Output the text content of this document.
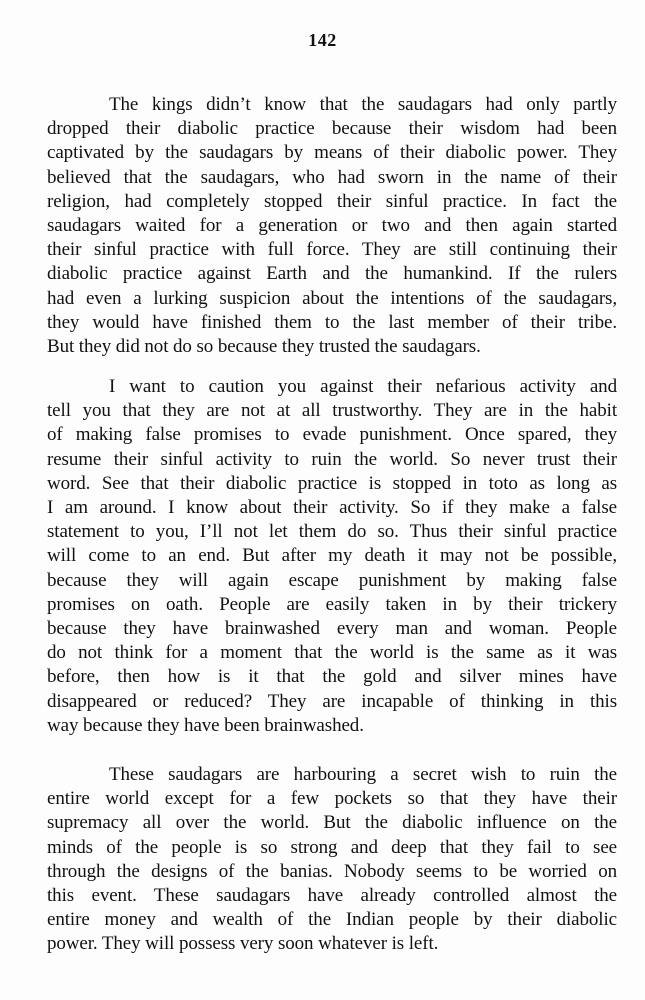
142
The kings didn’t know that the saudagars had only partly
dropped their diabolic practice because their wisdom had been
captivated by the saudagars by means of their diabolic power. They
believed that the saudagars, who had sworn in the name of their
religion, had completely stopped their sinful practice. In fact the
saudagars waited for a generation or two and then again started
their sinful practice with full force. They are still continuing their
diabolic practice against Earth and the humankind. If the rulers
had even a lurking suspicion about the intentions of the saudagars,
they would have finished them to the last member of their tribe.
But they did not do so because they trusted the saudagars.
I want to caution you against their nefarious activity and
tell you that they are not at all trustworthy. They are in the habit
of making false promises to evade punishment. Once spared, they
resume their sinful activity to ruin the world. So never trust their
word. See that their diabolic practice is stopped in toto as long as
I am around. I know about their activity. So if they make a false
statement to you, I’ll not let them do so. Thus their sinful practice
will come to an end. But after my death it may not be possible,
because they will again escape punishment by making false
promises on oath. People are easily taken in by their trickery
because they have brainwashed every man and woman. People
do not think for a moment that the world is the same as it was
before, then how is it that the gold and silver mines have
disappeared or reduced? They are incapable of thinking in this
way because they have been brainwashed.
These saudagars are harbouring a secret wish to ruin the
entire world except for a few pockets so that they have their
supremacy all over the world. But the diabolic influence on the
minds of the people is so strong and deep that they fail to see
through the designs of the banias. Nobody seems to be worried on
this event. These saudagars have already controlled almost the
entire money and wealth of the Indian people by their diabolic
power. They will possess very soon whatever is left.
